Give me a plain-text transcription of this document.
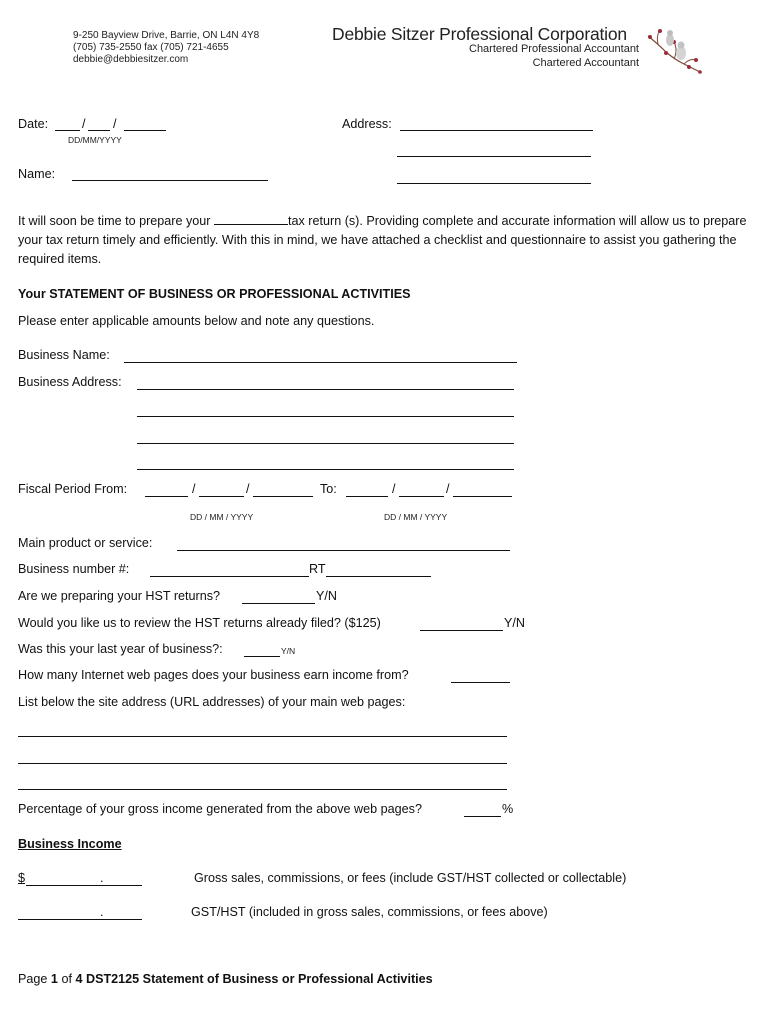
9-250 Bayview Drive, Barrie, ON L4N 4Y8
(705) 735-2550 fax (705) 721-4655
debbie@debbiesitzer.com
Debbie Sitzer Professional Corporation
Chartered Professional Accountant
Chartered Accountant
Date:	/ /
DD/MM/YYYY
Address:
Name:
It will soon be time to prepare your	tax return (s). Providing complete and accurate information will allow us to prepare your tax return timely and efficiently. With this in mind, we have attached a checklist and questionnaire to assist you gathering the required items.
Your STATEMENT OF BUSINESS OR PROFESSIONAL ACTIVITIES
Please enter applicable amounts below and note any questions.
Business Name:
Business Address:
Fiscal Period From:	/	/	To:	/	/
DD / MM / YYYY	DD / MM / YYYY
Main product or service:
Business number #:	RT
Are we preparing your HST returns?	Y/N
Would you like us to review the HST returns already filed? ($125)	Y/N
Was this your last year of business?:	Y/N
How many Internet web pages does your business earn income from?
List below the site address (URL addresses) of your main web pages:
Percentage of your gross income generated from the above web pages?	%
Business Income
$	.	Gross sales, commissions, or fees (include GST/HST collected or collectable)
.	GST/HST (included in gross sales, commissions, or fees above)
Page 1 of 4 DST2125 Statement of Business or Professional Activities
